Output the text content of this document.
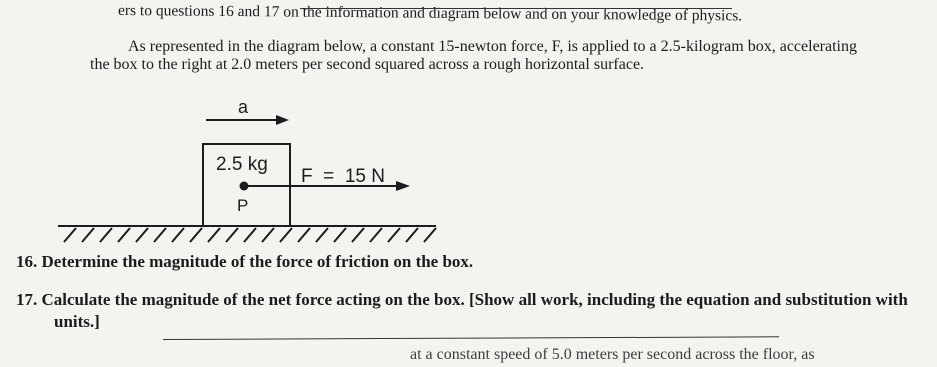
ers to questions 16 and 17 on the information and diagram below and on your knowledge of physics.
As represented in the diagram below, a constant 15-newton force, F, is applied to a 2.5-kilogram box, accelerating
the box to the right at 2.0 meters per second squared across a rough horizontal surface.
a
2.5 kg
P
F  =  15 N
16. Determine the magnitude of the force of friction on the box.
17. Calculate the magnitude of the net force acting on the box. [Show all work, including the equation and substitution with
units.]
at a constant speed of 5.0 meters per second across the floor, as
